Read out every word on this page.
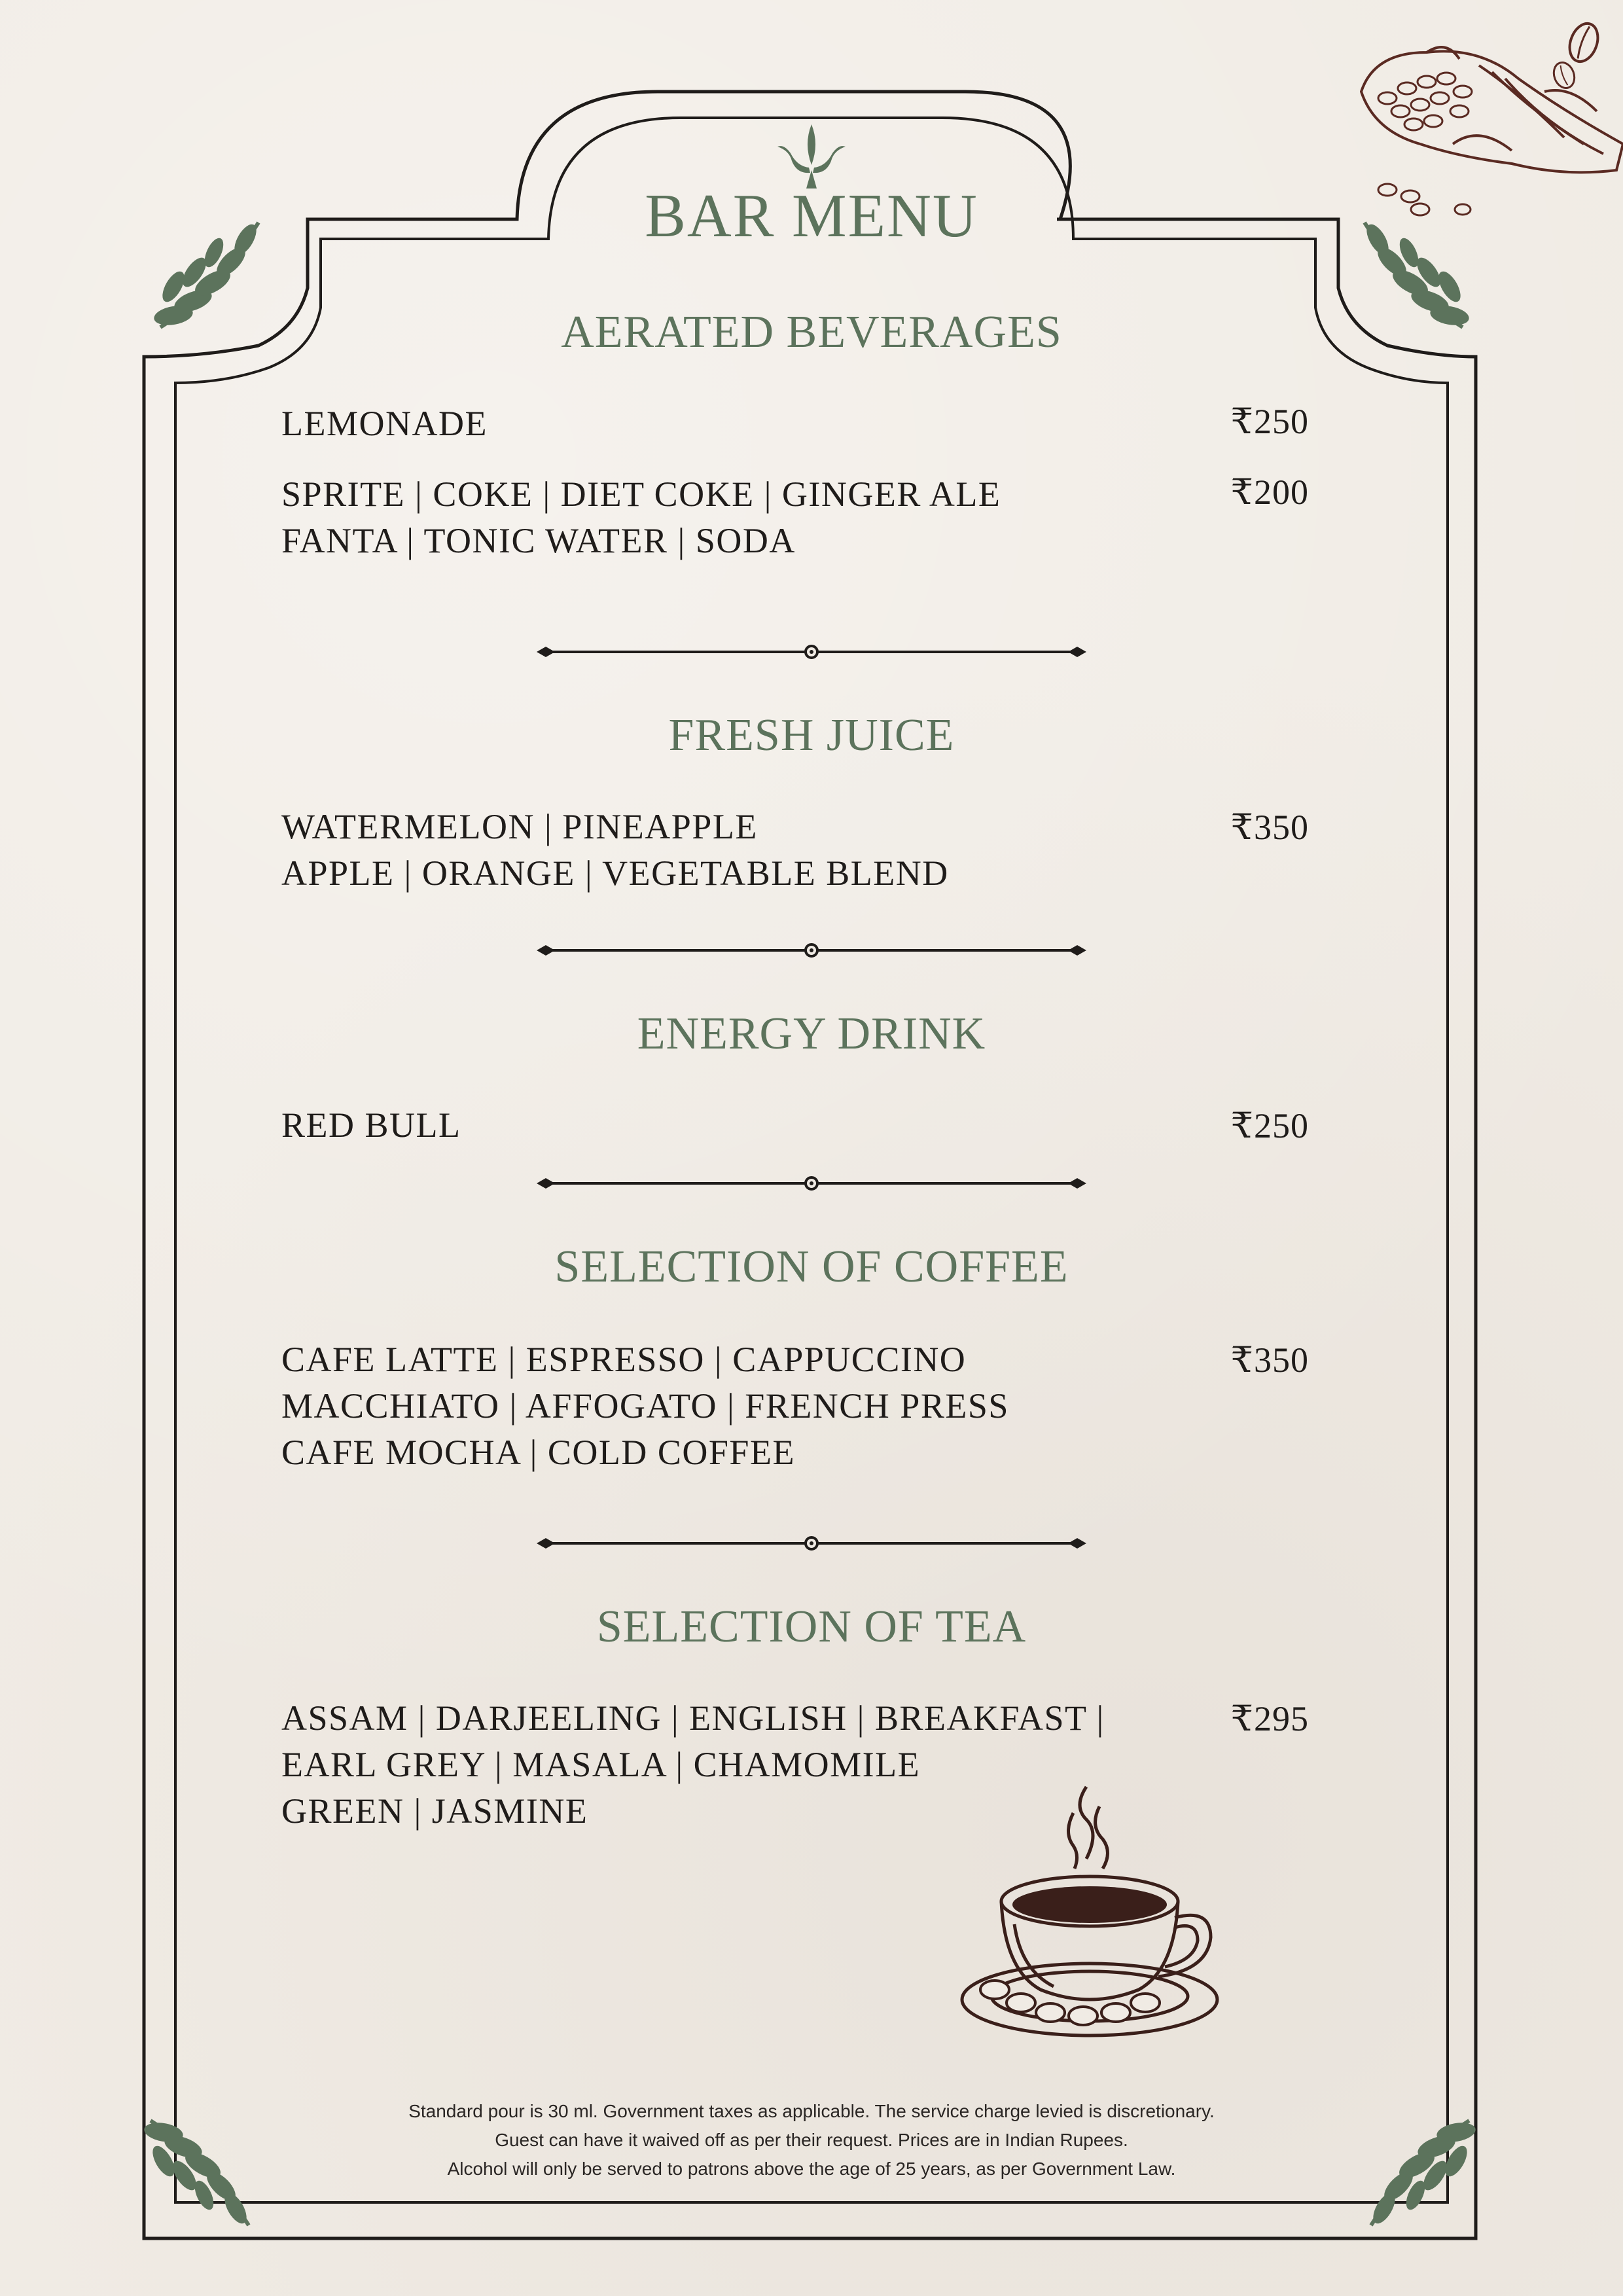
BAR MENU
AERATED BEVERAGES
FRESH JUICE
ENERGY DRINK
SELECTION OF COFFEE
SELECTION OF TEA
LEMONADE	₹250
SPRITE | COKE | DIET COKE | GINGER ALE
FANTA | TONIC WATER | SODA
₹200
WATERMELON | PINEAPPLE
APPLE | ORANGE | VEGETABLE BLEND
₹350
RED BULL	₹250
CAFE LATTE | ESPRESSO | CAPPUCCINO
MACCHIATO | AFFOGATO | FRENCH PRESS
CAFE MOCHA | COLD COFFEE
₹350
ASSAM | DARJEELING | ENGLISH | BREAKFAST |
EARL GREY | MASALA | CHAMOMILE
GREEN | JASMINE
₹295
Standard pour is 30 ml. Government taxes as applicable. The service charge levied is discretionary.
Guest can have it waived off as per their request. Prices are in Indian Rupees.
Alcohol will only be served to patrons above the age of 25 years, as per Government Law.
